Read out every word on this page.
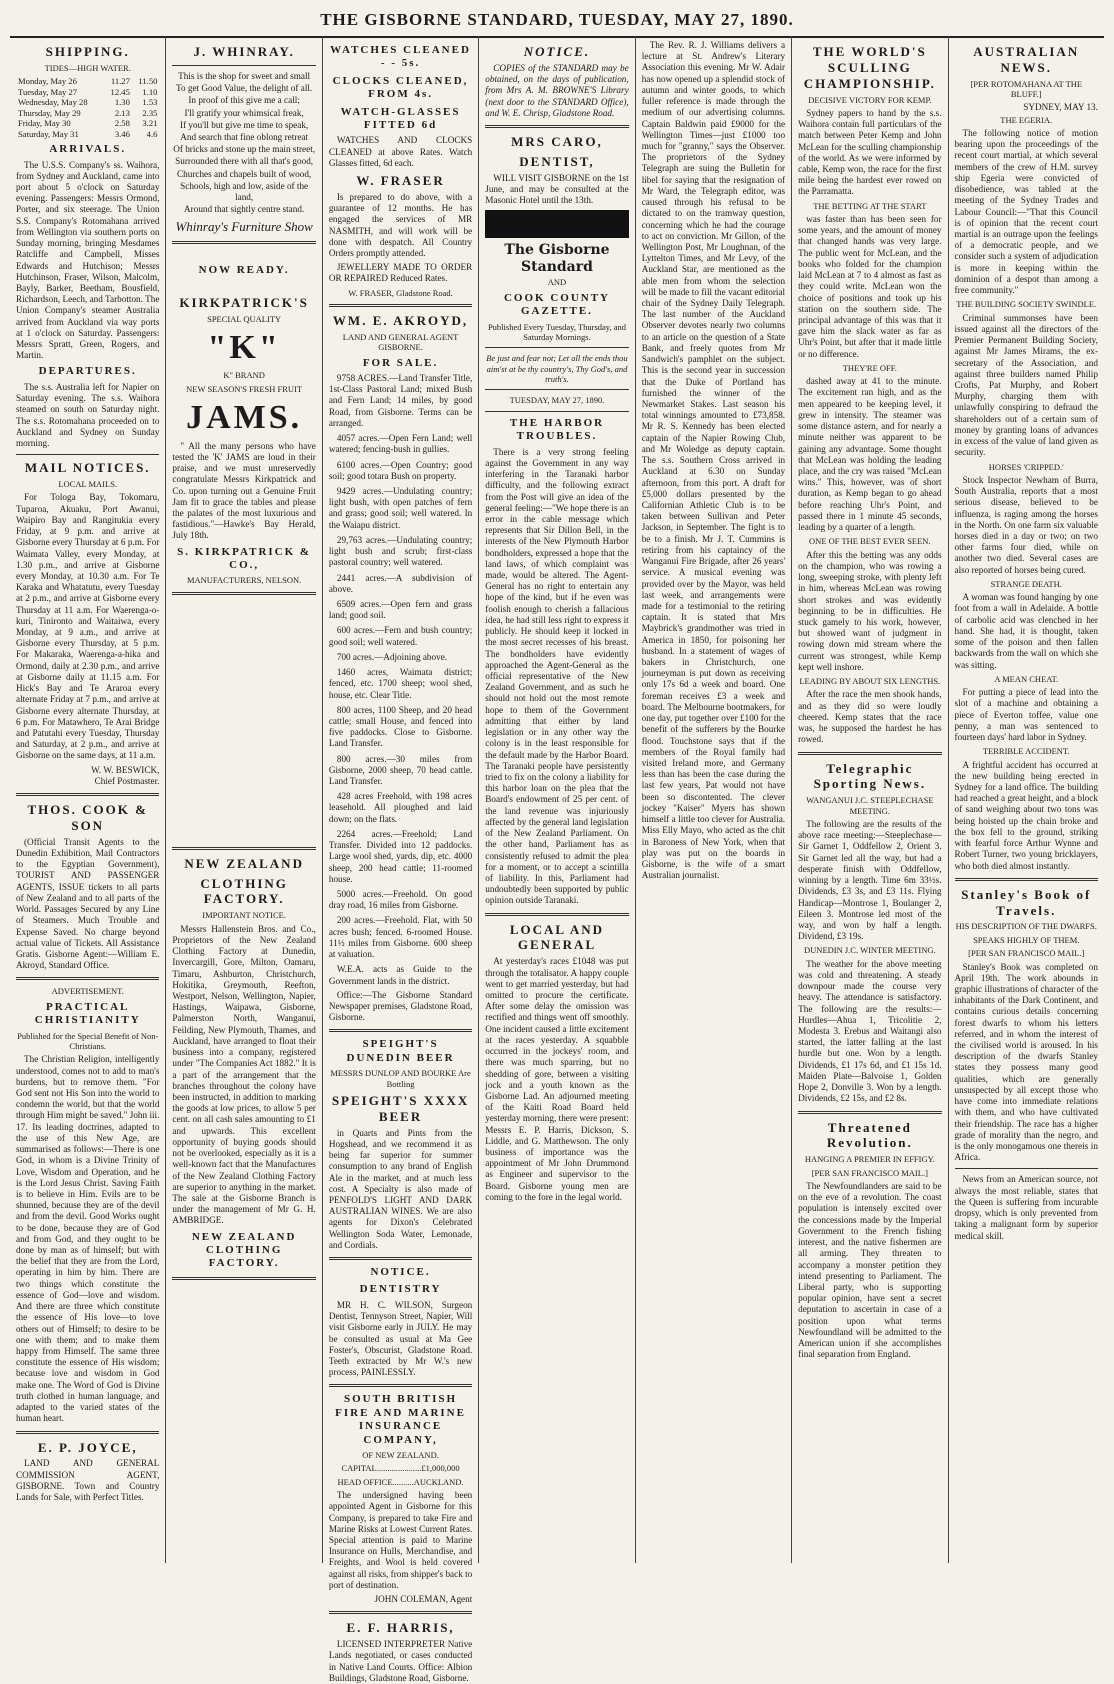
THE GISBORNE STANDARD, TUESDAY, MAY 27, 1890.
SHIPPING.
TIDES—HIGH WATER.
Monday, May 26	11.27	11.50
Tuesday, May 27	12.45	1.10
Wednesday, May 28	1.30	1.53
Thursday, May 29	2.13	2.35
Friday, May 30	2.58	3.21
Saturday, May 31	3.46	4.6
ARRIVALS.

The U.S.S. Company's ss. Waihora, from Sydney and Auckland, came into port about 5 o'clock on Saturday evening. Passengers: Messrs Ormond, Porter, and six steerage. The Union S.S. Company's Rotomahana arrived from Wellington via southern ports on Sunday morning, bringing Mesdames Ratcliffe and Campbell, Misses Edwards and Hutchison; Messrs Hutchinson, Fraser, Wilson, Malcolm, Bayly, Barker, Beetham, Bousfield, Richardson, Leech, and Tarbotton. The Union Company's steamer Australia arrived from Auckland via way ports at 1 o'clock on Saturday. Passengers: Messrs Spratt, Green, Rogers, and Martin.

DEPARTURES.

The s.s. Australia left for Napier on Saturday evening. The s.s. Waihora steamed on south on Saturday night. The s.s. Rotomahana proceeded on to Auckland and Sydney on Sunday morning.

MAIL NOTICES.
LOCAL MAILS.

For Tologa Bay, Tokomaru, Tuparoa, Akuaku, Port Awanui, Waipiro Bay and Rangitukia every Friday, at 9 p.m. and arrive at Gisborne every Thursday at 6 p.m. For Waimata Valley, every Monday, at 1.30 p.m., and arrive at Gisborne every Monday, at 10.30 a.m. For Te Karaka and Whatatutu, every Tuesday at 2 p.m., and arrive at Gisborne every Thursday at 11 a.m. For Waerenga-o-kuri, Tinironto and Waitaiwa, every Monday, at 9 a.m., and arrive at Gisborne every Thursday, at 5 p.m. For Makaraka, Waerenga-a-hika and Ormond, daily at 2.30 p.m., and arrive at Gisborne daily at 11.15 a.m. For Hick's Bay and Te Araroa every alternate Friday at 7 p.m., and arrive at Gisborne every alternate Thursday, at 6 p.m. For Matawhero, Te Arai Bridge and Patutahi every Tuesday, Thursday and Saturday, at 2 p.m., and arrive at Gisborne on the same days, at 11 a.m.

W. W. BESWICK,
Chief Postmaster.
THOS. COOK & SON

(Official Transit Agents to the Dunedin Exhibition, Mail Contractors to the Egyptian Government), TOURIST AND PASSENGER AGENTS, ISSUE tickets to all parts of New Zealand and to all parts of the World. Passages Secured by any Line of Steamers. Much Trouble and Expense Saved. No charge beyond actual value of Tickets. All Assistance Gratis. Gisborne Agent:—William E. Akroyd, Standard Office.

ADVERTISEMENT.
PRACTICAL CHRISTIANITY
Published for the Special Benefit of Non-Christians.

The Christian Religion, intelligently understood, comes not to add to man's burdens, but to remove them. "For God sent not His Son into the world to condemn the world, but that the world through Him might be saved." John iii. 17. Its leading doctrines, adapted to the use of this New Age, are summarised as follows:—There is one God, in whom is a Divine Trinity of Love, Wisdom and Operation, and he is the Lord Jesus Christ. Saving Faith is to believe in Him. Evils are to be shunned, because they are of the devil and from the devil. Good Works ought to be done, because they are of God and from God, and they ought to be done by man as of himself; but with the belief that they are from the Lord, operating in him by him. There are two things which constitute the essence of God—love and wisdom. And there are three which constitute the essence of His love—to love others out of Himself; to desire to be one with them; and to make them happy from Himself. The same three constitute the essence of His wisdom; because love and wisdom in God make one. The Word of God is Divine truth clothed in human language, and adapted to the varied states of the human heart.

E. P. JOYCE,

LAND AND GENERAL COMMISSION AGENT, GISBORNE. Town and Country Lands for Sale, with Perfect Titles.

J. WHINRAY.
This is the shop for sweet and small
To get Good Value, the delight of all.
In proof of this give me a call;
I'll gratify your whimsical freak,
If you'll but give me time to speak,
And search that fine oblong retreat
Of bricks and stone up the main street,
Surrounded there with all that's good,
Churches and chapels built of wood,
Schools, high and low, aside of the land,
Around that sightly centre stand.
Whinray's Furniture Show
NOW READY.
KIRKPATRICK'S
SPECIAL QUALITY
"K"
K" BRAND
NEW SEASON'S FRESH FRUIT
JAMS.

" All the many persons who have tested the 'K' JAMS are loud in their praise, and we must unreservedly congratulate Messrs Kirkpatrick and Co. upon turning out a Genuine Fruit Jam fit to grace the tables and please the palates of the most luxurious and fastidious."—Hawke's Bay Herald, July 18th.

S. KIRKPATRICK & CO.,
MANUFACTURERS, NELSON.
NEW ZEALAND
CLOTHING FACTORY.
IMPORTANT NOTICE.

Messrs Hallenstein Bros. and Co., Proprietors of the New Zealand Clothing Factory at Dunedin, Invercargill, Gore, Milton, Oamaru, Timaru, Ashburton, Christchurch, Hokitika, Greymouth, Reefton, Westport, Nelson, Wellington, Napier, Hastings, Waipawa, Gisborne, Palmerston North, Wanganui, Feilding, New Plymouth, Thames, and Auckland, have arranged to float their business into a company, registered under "The Companies Act 1882." It is a part of the arrangement that the branches throughout the colony have been instructed, in addition to marking the goods at low prices, to allow 5 per cent. on all cash sales amounting to £1 and upwards. This excellent opportunity of buying goods should not be overlooked, especially as it is a well-known fact that the Manufactures of the New Zealand Clothing Factory are superior to anything in the market. The sale at the Gisborne Branch is under the management of Mr G. H. AMBRIDGE.

NEW ZEALAND CLOTHING FACTORY.
WATCHES CLEANED - - 5s.
CLOCKS CLEANED, FROM 4s.
WATCH-GLASSES FITTED 6d

WATCHES AND CLOCKS CLEANED at above Rates. Watch Glasses fitted, 6d each.

W. FRASER

Is prepared to do above, with a guarantee of 12 months. He has engaged the services of MR NASMITH, and will work will be done with despatch. All Country Orders promptly attended.

JEWELLERY MADE TO ORDER OR REPAIRED Reduced Rates.

W. FRASER, Gladstone Road.
WM. E. AKROYD,
LAND AND GENERAL AGENT GISBORNE.
FOR SALE.

9758 ACRES.—Land Transfer Title, 1st-Class Pastoral Land; mixed Bush and Fern Land; 14 miles, by good Road, from Gisborne. Terms can be arranged.

4057 acres.—Open Fern Land; well watered; fencing-bush in gullies.

6100 acres.—Open Country; good soil; good totara Bush on property.

9429 acres.—Undulating country; light bush, with open patches of fern and grass; good soil; well watered. In the Waiapu district.

29,763 acres.—Undulating country; light bush and scrub; first-class pastoral country; well watered.

2441 acres.—A subdivision of above.

6509 acres.—Open fern and grass land; good soil.

600 acres.—Fern and bush country; good soil; well watered.

700 acres.—Adjoining above.

1460 acres, Waimata district; fenced, etc. 1700 sheep; wool shed, house, etc. Clear Title.

800 acres, 1100 Sheep, and 20 head cattle; small House, and fenced into five paddocks. Close to Gisborne. Land Transfer.

800 acres.—30 miles from Gisborne, 2000 sheep, 70 head cattle. Land Transfer.

428 acres Freehold, with 198 acres leasehold. All ploughed and laid down; on the flats.

2264 acres.—Freehold; Land Transfer. Divided into 12 paddocks. Large wool shed, yards, dip, etc. 4000 sheep, 200 head cattle; 11-roomed house.

5000 acres.—Freehold. On good dray road, 16 miles from Gisborne.

200 acres.—Freehold. Flat, with 50 acres bush; fenced. 6-roomed House. 11½ miles from Gisborne. 600 sheep at valuation.

W.E.A. acts as Guide to the Government lands in the district.

Office:—The Gisborne Standard Newspaper premises, Gladstone Road, Gisborne.

SPEIGHT'S DUNEDIN BEER
MESSRS DUNLOP AND BOURKE Are Bottling
SPEIGHT'S XXXX BEER

in Quarts and Pints from the Hogshead, and we recommend it as being far superior for summer consumption to any brand of English Ale in the market, and at much less cost. A Specialty is also made of PENFOLD'S LIGHT AND DARK AUSTRALIAN WINES. We are also agents for Dixon's Celebrated Wellington Soda Water, Lemonade, and Cordials.

NOTICE.
DENTISTRY

MR H. C. WILSON, Surgeon Dentist, Tennyson Street, Napier, Will visit Gisborne early in JULY. He may be consulted as usual at Ma Gee Foster's, Obscurist, Gladstone Road. Teeth extracted by Mr W.'s new process, PAINLESSLY.

SOUTH BRITISH FIRE AND MARINE INSURANCE COMPANY,
OF NEW ZEALAND.
CAPITAL.....................£1,000,000
HEAD OFFICE..........AUCKLAND.

The undersigned having been appointed Agent in Gisborne for this Company, is prepared to take Fire and Marine Risks at Lowest Current Rates. Special attention is paid to Marine Insurance on Hulls, Merchandise, and Freights, and Wool is held covered against all risks, from shipper's back to port of destination.

JOHN COLEMAN, Agent
E. F. HARRIS,

LICENSED INTERPRETER Native Lands negotiated, or cases conducted in Native Land Courts. Office: Albion Buildings, Gladstone Road, Gisborne.

NOTICE.

COPIES of the STANDARD may be obtained, on the days of publication, from Mrs A. M. BROWNE'S Library (next door to the STANDARD Office), and W. E. Chrisp, Gladstone Road.

MRS CARO,
DENTIST,

WILL VISIT GISBORNE on the 1st June, and may be consulted at the Masonic Hotel until the 13th.

The Gisborne Standard
AND
COOK COUNTY GAZETTE.
Published Every Tuesday, Thursday, and Saturday Mornings.
Be just and fear not; Let all the ends thou aim'st at be thy country's, Thy God's, and truth's.
TUESDAY, MAY 27, 1890.
THE HARBOR TROUBLES.

There is a very strong feeling against the Government in any way interfering in the Taranaki harbor difficulty, and the following extract from the Post will give an idea of the general feeling:—"We hope there is an error in the cable message which represents that Sir Dillon Bell, in the interests of the New Plymouth Harbor bondholders, expressed a hope that the land laws, of which complaint was made, would be altered. The Agent-General has no right to entertain any hope of the kind, but if he even was foolish enough to cherish a fallacious idea, he had still less right to express it publicly. He should keep it locked in the most secret recesses of his breast. The bondholders have evidently approached the Agent-General as the official representative of the New Zealand Government, and as such he should not hold out the most remote hope to them of the Government admitting that either by land legislation or in any other way the colony is in the least responsible for the default made by the Harbor Board. The Taranaki people have persistently tried to fix on the colony a liability for this harbor loan on the plea that the Board's endowment of 25 per cent. of the land revenue was injuriously affected by the general land legislation of the New Zealand Parliament. On the other hand, Parliament has as consistently refused to admit the plea for a moment, or to accept a scintilla of liability. In this, Parliament had undoubtedly been supported by public opinion outside Taranaki.

LOCAL AND GENERAL

At yesterday's races £1048 was put through the totalisator. A happy couple went to get married yesterday, but had omitted to procure the certificate. After some delay the omission was rectified and things went off smoothly. One incident caused a little excitement at the races yesterday. A squabble occurred in the jockeys' room, and there was much sparring, but no shedding of gore, between a visiting jock and a youth known as the Gisborne Lad. An adjourned meeting of the Kaiti Road Board held yesterday morning, there were present: Messrs E. P. Harris, Dickson, S. Liddle, and G. Matthewson. The only business of importance was the appointment of Mr John Drummond as Engineer and supervisor to the Board. Gisborne young men are coming to the fore in the legal world.

The Rev. R. J. Williams delivers a lecture at St. Andrew's Literary Association this evening. Mr W. Adair has now opened up a splendid stock of autumn and winter goods, to which fuller reference is made through the medium of our advertising columns. Captain Baldwin paid £9000 for the Wellington Times—just £1000 too much for "granny," says the Observer. The proprietors of the Sydney Telegraph are suing the Bulletin for libel for saying that the resignation of Mr Ward, the Telegraph editor, was caused through his refusal to be dictated to on the tramway question, concerning which he had the courage to act on conviction. Mr Gillon, of the Wellington Post, Mr Loughnan, of the Lyttelton Times, and Mr Levy, of the Auckland Star, are mentioned as the able men from whom the selection will be made to fill the vacant editorial chair of the Sydney Daily Telegraph. The last number of the Auckland Observer devotes nearly two columns to an article on the question of a State Bank, and freely quotes from Mr Sandwich's pamphlet on the subject. This is the second year in succession that the Duke of Portland has furnished the winner of the Newmarket Stakes. Last season his total winnings amounted to £73,858. Mr R. S. Kennedy has been elected captain of the Napier Rowing Club, and Mr Woledge as deputy captain. The s.s. Southern Cross arrived in Auckland at 6.30 on Sunday afternoon, from this port. A draft for £5,000 dollars presented by the Californian Athletic Club is to be taken between Sullivan and Peter Jackson, in September. The fight is to be to a finish. Mr J. T. Cummins is retiring from his captaincy of the Wanganui Fire Brigade, after 26 years' service. A musical evening was provided over by the Mayor, was held last week, and arrangements were made for a testimonial to the retiring captain. It is stated that Mrs Maybrick's grandmother was tried in America in 1850, for poisoning her husband. In a statement of wages of bakers in Christchurch, one journeyman is put down as receiving only 17s 6d a week and board. One foreman receives £3 a week and board. The Melbourne bootmakers, for one day, put together over £100 for the benefit of the sufferers by the Bourke flood. Touchstone says that if the members of the Royal family had visited Ireland more, and Germany less than has been the case during the last few years, Pat would not have been so discontented. The clever jockey "Kaiser" Myers has shown himself a little too clever for Australia. Miss Elly Mayo, who acted as the chit in Baroness of New York, when that play was put on the boards in Gisborne, is the wife of a smart Australian journalist.

THE WORLD'S SCULLING CHAMPIONSHIP.
DECISIVE VICTORY FOR KEMP.

Sydney papers to hand by the s.s. Waihora contain full particulars of the match between Peter Kemp and John McLean for the sculling championship of the world. As we were informed by cable, Kemp won, the race for the first mile being the hardest ever rowed on the Parramatta.

THE BETTING AT THE START

was faster than has been seen for some years, and the amount of money that changed hands was very large. The public went for McLean, and the books who folded for the champion laid McLean at 7 to 4 almost as fast as they could write. McLean won the choice of positions and took up his station on the southern side. The principal advantage of this was that it gave him the slack water as far as Uhr's Point, but after that it made little or no difference.

THEY'RE OFF.

dashed away at 41 to the minute. The excitement ran high, and as the men appeared to be keeping level, it grew in intensity. The steamer was some distance astern, and for nearly a minute neither was apparent to be gaining any advantage. Some thought that McLean was holding the leading place, and the cry was raised "McLean wins." This, however, was of short duration, as Kemp began to go ahead before reaching Uhr's Point, and passed there in 1 minute 45 seconds, leading by a quarter of a length.

ONE OF THE BEST EVER SEEN.

After this the betting was any odds on the champion, who was rowing a long, sweeping stroke, with plenty left in him, whereas McLean was rowing short strokes and was evidently beginning to be in difficulties. He stuck gamely to his work, however, but showed want of judgment in rowing down mid stream where the current was strongest, while Kemp kept well inshore.

LEADING BY ABOUT SIX LENGTHS.

After the race the men shook hands, and as they did so were loudly cheered. Kemp states that the race was, he supposed the hardest he has rowed.

Telegraphic Sporting News.
WANGANUI J.C. STEEPLECHASE MEETING.

The following are the results of the above race meeting:—Steeplechase—Sir Garnet 1, Oddfellow 2, Orient 3. Sir Garnet led all the way, but had a desperate finish with Oddfellow, winning by a length. Time 6m 33½s. Dividends, £3 3s, and £3 11s. Flying Handicap—Montrose 1, Boulanger 2, Eileen 3. Montrose led most of the way, and won by half a length. Dividend, £3 19s.

DUNEDIN J.C. WINTER MEETING.

The weather for the above meeting was cold and threatening. A steady downpour made the course very heavy. The attendance is satisfactory. The following are the results:—Hurdles—Ahua 1, Tricolitie 2, Modesta 3. Erebus and Waitangi also started, the latter falling at the last hurdle but one. Won by a length. Dividends, £1 17s 6d, and £1 15s 1d. Maiden Plate—Balvoise 1, Golden Hope 2, Donville 3. Won by a length. Dividends, £2 15s, and £2 8s.

Threatened Revolution.
HANGING A PREMIER IN EFFIGY.
[PER SAN FRANCISCO MAIL.]

The Newfoundlanders are said to be on the eve of a revolution. The coast population is intensely excited over the concessions made by the Imperial Government to the French fishing interest, and the native fishermen are all arming. They threaten to accompany a monster petition they intend presenting to Parliament. The Liberal party, who is supporting popular opinion, have sent a secret deputation to ascertain in case of a position upon what terms Newfoundland will be admitted to the American union if she accomplishes final separation from England.

AUSTRALIAN NEWS.
[PER ROTOMAHANA AT THE BLUFF.]
SYDNEY, MAY 13.
THE EGERIA.

The following notice of motion bearing upon the proceedings of the recent court martial, at which several members of the crew of H.M. survey ship Egeria were convicted of disobedience, was tabled at the meeting of the Sydney Trades and Labour Council:—"That this Council is of opinion that the recent court martial is an outrage upon the feelings of a democratic people, and we consider such a system of adjudication is more in keeping within the dominion of a despot than among a free community."

THE BUILDING SOCIETY SWINDLE.

Criminal summonses have been issued against all the directors of the Premier Permanent Building Society, against Mr James Mirams, the ex-secretary of the Association, and against three builders named Philip Crofts, Pat Murphy, and Robert Murphy, charging them with unlawfully conspiring to defraud the shareholders out of a certain sum of money by granting loans of advances in excess of the value of land given as security.

HORSES 'CRIPPED.'

Stock Inspector Newham of Burra, South Australia, reports that a most serious disease, believed to be influenza, is raging among the horses in the North. On one farm six valuable horses died in a day or two; on two other farms four died, while on another two died. Several cases are also reported of horses being cured.

STRANGE DEATH.

A woman was found hanging by one foot from a wall in Adelaide. A bottle of carbolic acid was clenched in her hand. She had, it is thought, taken some of the poison and then fallen backwards from the wall on which she was sitting.

A MEAN CHEAT.

For putting a piece of lead into the slot of a machine and obtaining a piece of Everton toffee, value one penny, a man was sentenced to fourteen days' hard labor in Sydney.

TERRIBLE ACCIDENT.

A frightful accident has occurred at the new building being erected in Sydney for a land office. The building had reached a great height, and a block of sand weighing about two tons was being hoisted up the chain broke and the box fell to the ground, striking with fearful force Arthur Wynne and Robert Turner, two young bricklayers, who both died almost instantly.

Stanley's Book of Travels.
HIS DESCRIPTION OF THE DWARFS.
SPEAKS HIGHLY OF THEM.
[PER SAN FRANCISCO MAIL.]

Stanley's Book was completed on April 19th. The work abounds in graphic illustrations of character of the inhabitants of the Dark Continent, and contains curious details concerning forest dwarfs to whom his letters referred, and in whom the interest of the civilised world is aroused. In his description of the dwarfs Stanley states they possess many good qualities, which are generally unsuspected by all except those who have come into immediate relations with them, and who have cultivated their friendship. The race has a higher grade of morality than the negro, and is the only monogamous one thereis in Africa.

News from an American source, not always the most reliable, states that the Queen is suffering from incurable dropsy, which is only prevented from taking a malignant form by superior medical skill.
